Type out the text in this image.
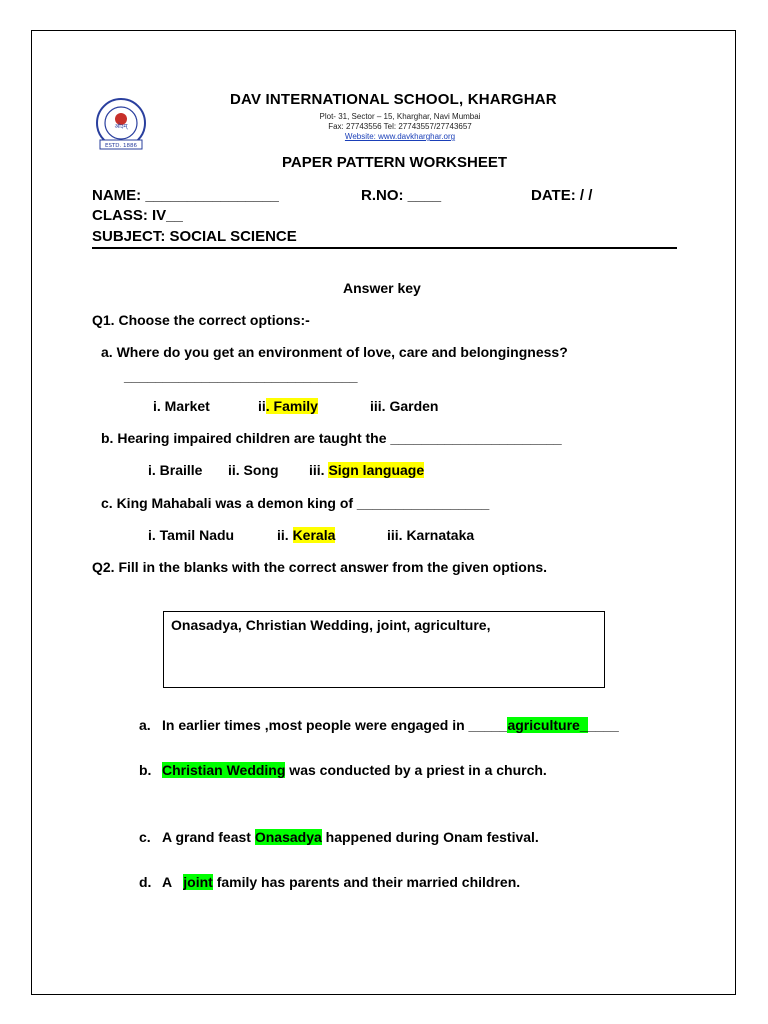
ओ३म्
ESTD. 1886
DAV INTERNATIONAL SCHOOL, KHARGHAR
Plot- 31, Sector – 15, Kharghar, Navi Mumbai
Fax: 27743556 Tel: 27743557/27743657
Website: www.davkharghar.org
PAPER PATTERN WORKSHEET
NAME: ________________	R.NO: ____	DATE: / /
CLASS: IV__
SUBJECT: SOCIAL SCIENCE
Answer key
Q1. Choose the correct options:-
a. Where do you get an environment of love, care and belongingness?
______________________________
i. Market	ii. Family	iii. Garden
b. Hearing impaired children are taught the ______________________
i. Braille ii. Song iii. Sign language
c. King Mahabali was a demon king of _________________
i. Tamil Nadu	ii. Kerala	iii. Karnataka
Q2. Fill in the blanks with the correct answer from the given options.
Onasadya, Christian Wedding, joint, agriculture,
a. In earlier times ,most people were engaged in _____agriculture_____
b. Christian Wedding was conducted by a priest in a church.
c. A grand feast Onasadya happened during Onam festival.
d. A   joint family has parents and their married children.
